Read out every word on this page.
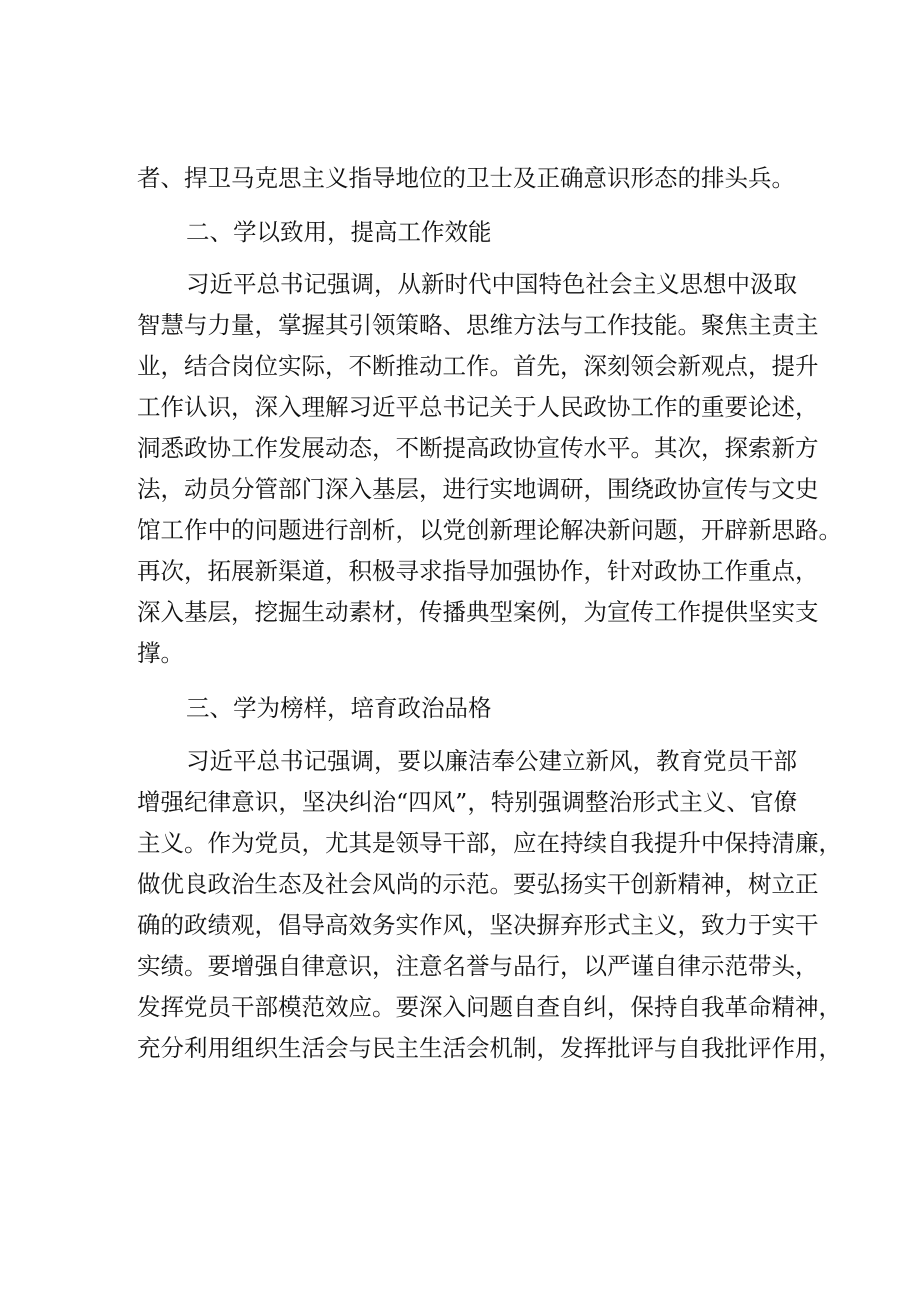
者、捍卫马克思主义指导地位的卫士及正确意识形态的排头兵。
二、学以致用，提高工作效能
习近平总书记强调，从新时代中国特色社会主义思想中汲取
智慧与力量，掌握其引领策略、思维方法与工作技能。聚焦主责主
业，结合岗位实际，不断推动工作。首先，深刻领会新观点，提升
工作认识，深入理解习近平总书记关于人民政协工作的重要论述，
洞悉政协工作发展动态，不断提高政协宣传水平。其次，探索新方
法，动员分管部门深入基层，进行实地调研，围绕政协宣传与文史
馆工作中的问题进行剖析，以党创新理论解决新问题，开辟新思路。
再次，拓展新渠道，积极寻求指导加强协作，针对政协工作重点，
深入基层，挖掘生动素材，传播典型案例，为宣传工作提供坚实支
撑。
三、学为榜样，培育政治品格
习近平总书记强调，要以廉洁奉公建立新风，教育党员干部
增强纪律意识，坚决纠治“四风”，特别强调整治形式主义、官僚
主义。作为党员，尤其是领导干部，应在持续自我提升中保持清廉，
做优良政治生态及社会风尚的示范。要弘扬实干创新精神，树立正
确的政绩观，倡导高效务实作风，坚决摒弃形式主义，致力于实干
实绩。要增强自律意识，注意名誉与品行，以严谨自律示范带头，
发挥党员干部模范效应。要深入问题自查自纠，保持自我革命精神，
充分利用组织生活会与民主生活会机制，发挥批评与自我批评作用，
